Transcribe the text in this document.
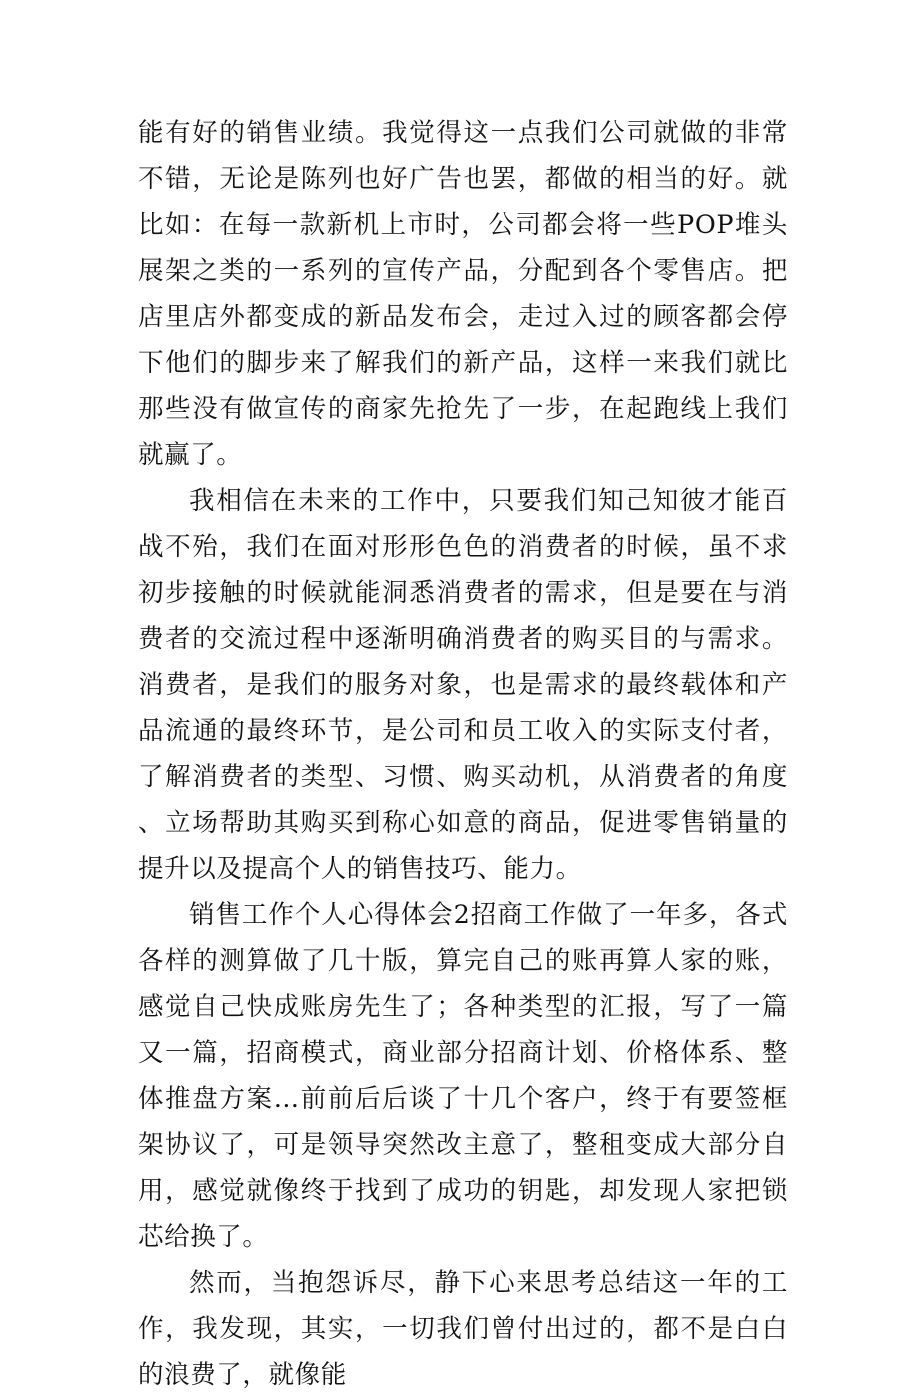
能有好的销售业绩。我觉得这一点我们公司就做的非常不错，无论是陈列也好广告也罢，都做的相当的好。就比如：在每一款新机上市时，公司都会将一些POP堆头展架之类的一系列的宣传产品，分配到各个零售店。把店里店外都变成的新品发布会，走过入过的顾客都会停下他们的脚步来了解我们的新产品，这样一来我们就比那些没有做宣传的商家先抢先了一步，在起跑线上我们就赢了。

我相信在未来的工作中，只要我们知己知彼才能百战不殆，我们在面对形形色色的消费者的时候，虽不求初步接触的时候就能洞悉消费者的需求，但是要在与消费者的交流过程中逐渐明确消费者的购买目的与需求。消费者，是我们的服务对象，也是需求的最终载体和产品流通的最终环节，是公司和员工收入的实际支付者，了解消费者的类型、习惯、购买动机，从消费者的角度、立场帮助其购买到称心如意的商品，促进零售销量的提升以及提高个人的销售技巧、能力。

销售工作个人心得体会2招商工作做了一年多，各式各样的测算做了几十版，算完自己的账再算人家的账，感觉自己快成账房先生了；各种类型的汇报，写了一篇又一篇，招商模式，商业部分招商计划、价格体系、整体推盘方案…前前后后谈了十几个客户，终于有要签框架协议了，可是领导突然改主意了，整租变成大部分自用，感觉就像终于找到了成功的钥匙，却发现人家把锁芯给换了。

然而，当抱怨诉尽，静下心来思考总结这一年的工作，我发现，其实，一切我们曾付出过的，都不是白白的浪费了，就像能
